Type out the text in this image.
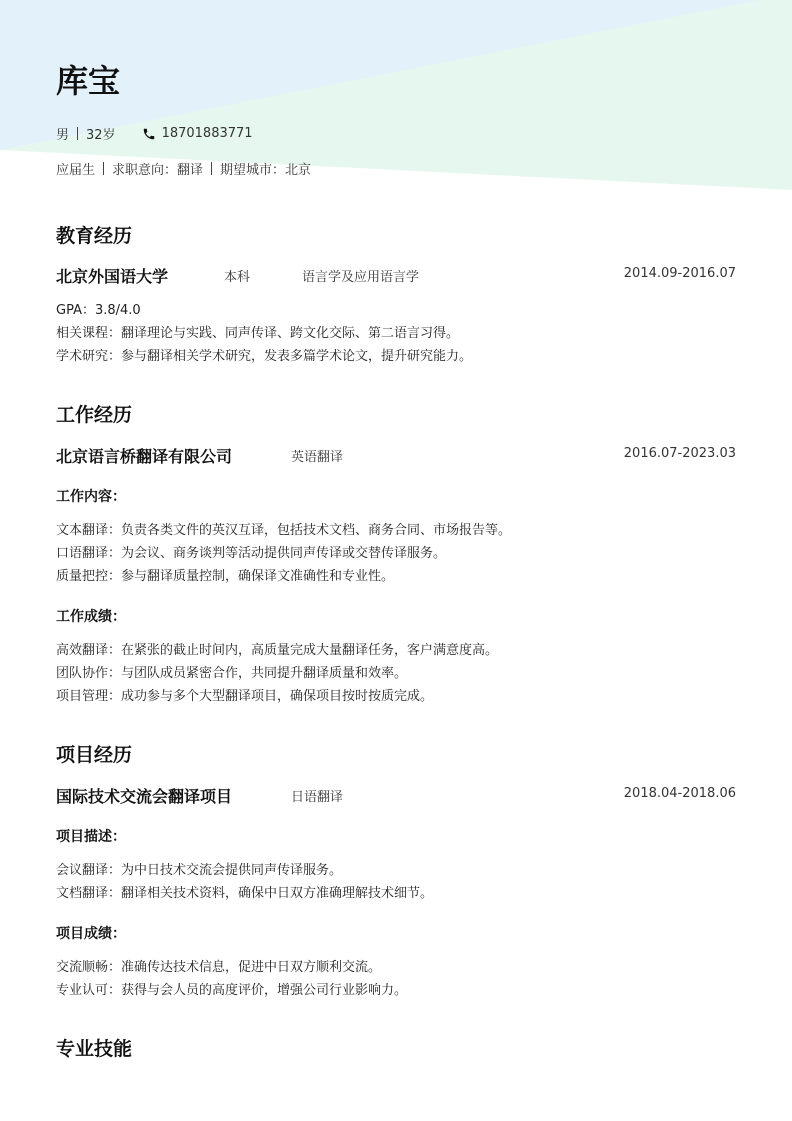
库宝
男 32岁	18701883771
应届生 求职意向：翻译 期望城市：北京
教育经历
北京外国语大学	本科	语言学及应用语言学	2014.09-2016.07
GPA：3.8/4.0
相关课程：翻译理论与实践、同声传译、跨文化交际、第二语言习得。
学术研究：参与翻译相关学术研究，发表多篇学术论文，提升研究能力。
工作经历
北京语言桥翻译有限公司	英语翻译	2016.07-2023.03
工作内容：
文本翻译：负责各类文件的英汉互译，包括技术文档、商务合同、市场报告等。
口语翻译：为会议、商务谈判等活动提供同声传译或交替传译服务。
质量把控：参与翻译质量控制，确保译文准确性和专业性。
工作成绩：
高效翻译：在紧张的截止时间内，高质量完成大量翻译任务，客户满意度高。
团队协作：与团队成员紧密合作，共同提升翻译质量和效率。
项目管理：成功参与多个大型翻译项目，确保项目按时按质完成。
项目经历
国际技术交流会翻译项目	日语翻译	2018.04-2018.06
项目描述：
会议翻译：为中日技术交流会提供同声传译服务。
文档翻译：翻译相关技术资料，确保中日双方准确理解技术细节。
项目成绩：
交流顺畅：准确传达技术信息，促进中日双方顺利交流。
专业认可：获得与会人员的高度评价，增强公司行业影响力。
专业技能
